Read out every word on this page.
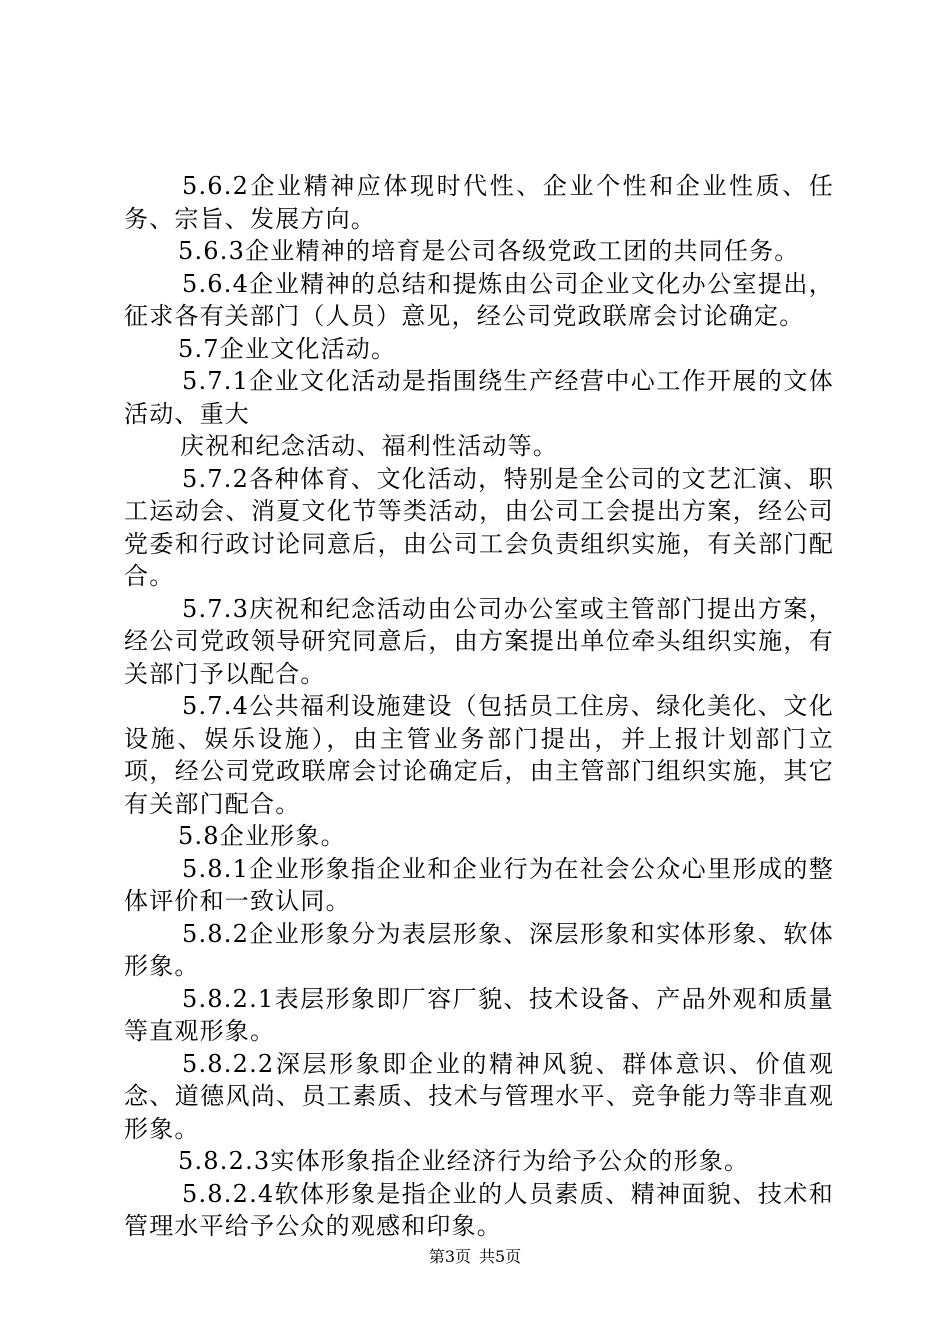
5.6.2企业精神应体现时代性、企业个性和企业性质、任务、宗旨、发展方向。

5.6.3企业精神的培育是公司各级党政工团的共同任务。

5.6.4企业精神的总结和提炼由公司企业文化办公室提出，征求各有关部门（人员）意见，经公司党政联席会讨论确定。

5.7企业文化活动。

5.7.1企业文化活动是指围绕生产经营中心工作开展的文体活动、重大

庆祝和纪念活动、福利性活动等。

5.7.2各种体育、文化活动，特别是全公司的文艺汇演、职工运动会、消夏文化节等类活动，由公司工会提出方案，经公司党委和行政讨论同意后，由公司工会负责组织实施，有关部门配合。

5.7.3庆祝和纪念活动由公司办公室或主管部门提出方案，经公司党政领导研究同意后，由方案提出单位牵头组织实施，有关部门予以配合。

5.7.4公共福利设施建设（包括员工住房、绿化美化、文化设施、娱乐设施），由主管业务部门提出，并上报计划部门立项，经公司党政联席会讨论确定后，由主管部门组织实施，其它有关部门配合。

5.8企业形象。

5.8.1企业形象指企业和企业行为在社会公众心里形成的整体评价和一致认同。

5.8.2企业形象分为表层形象、深层形象和实体形象、软体形象。

5.8.2.1表层形象即厂容厂貌、技术设备、产品外观和质量等直观形象。

5.8.2.2深层形象即企业的精神风貌、群体意识、价值观念、道德风尚、员工素质、技术与管理水平、竞争能力等非直观形象。

5.8.2.3实体形象指企业经济行为给予公众的形象。

5.8.2.4软体形象是指企业的人员素质、精神面貌、技术和管理水平给予公众的观感和印象。

第3页 共5页
